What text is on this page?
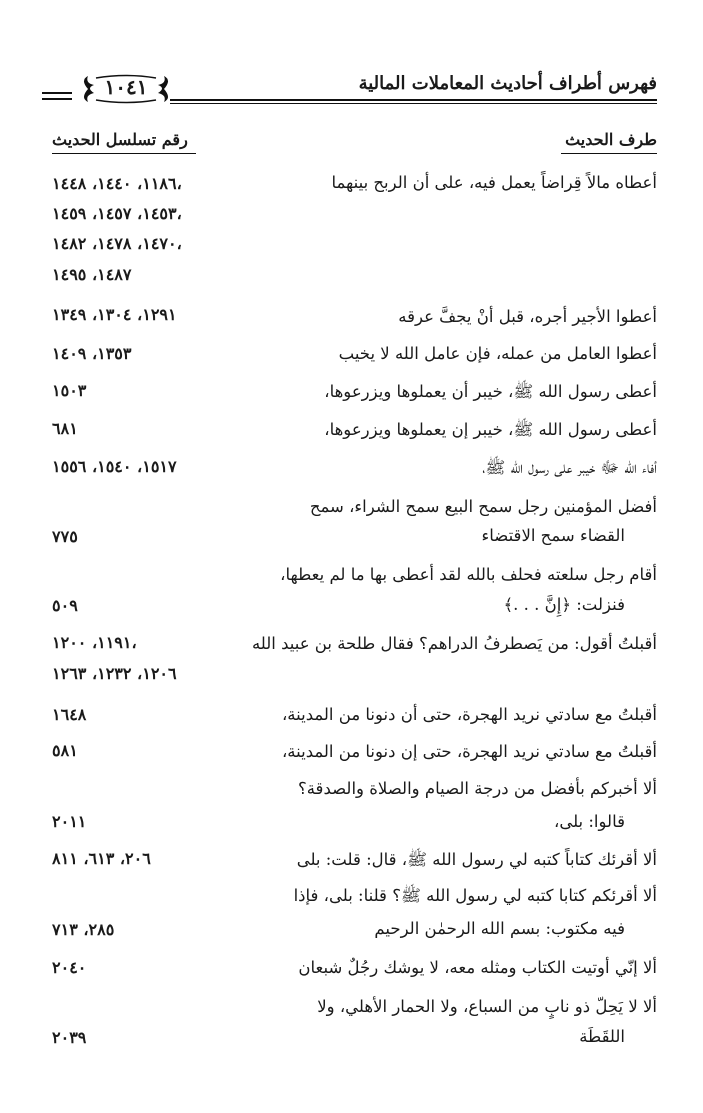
فهرس أطراف أحاديث المعاملات المالية
١٠٤١
طرف الحديث
رقم تسلسل الحديث
أعطاه مالاً قِراضاً يعمل فيه، على أن الربح بينهما
١١٨٦، ١٤٤٠، ١٤٤٨،
١٤٥٣، ١٤٥٧، ١٤٥٩،
١٤٧٠، ١٤٧٨، ١٤٨٢،
١٤٨٧، ١٤٩٥
أعطوا الأجير أجره، قبل أنْ يجفَّ عرقه
١٢٩١، ١٣٠٤، ١٣٤٩
أعطوا العامل من عمله، فإن عامل الله لا يخيب
١٣٥٣، ١٤٠٩
أعطى رسول الله ﷺ، خيبر أن يعملوها ويزرعوها،
١٥٠٣
أعطى رسول الله ﷺ، خيبر إن يعملوها ويزرعوها،
٦٨١
أفاء الله ﷻ خيبر على رسول الله ﷺ،
١٥١٧، ١٥٤٠، ١٥٥٦
أفضل المؤمنين رجل سمح البيع سمح الشراء، سمح
القضاء سمح الاقتضاء
٧٧٥
أقام رجل سلعته فحلف بالله لقد أعطى بها ما لم يعطها،
فنزلت: ﴿إِنَّ . . .﴾
٥٠٩
أقبلتُ أقول: من يَصطرفُ الدراهم؟ فقال طلحة بن عبيد الله
١١٩١، ١٢٠٠،
١٢٠٦، ١٢٣٢، ١٢٦٣
أقبلتُ مع سادتي نريد الهجرة، حتى أن دنونا من المدينة،
١٦٤٨
أقبلتُ مع سادتي نريد الهجرة، حتى إن دنونا من المدينة،
٥٨١
ألا أخبركم بأفضل من درجة الصيام والصلاة والصدقة؟
قالوا: بلى،
٢٠١١
ألا أقرئك كتاباً كتبه لي رسول الله ﷺ، قال: قلت: بلى
٢٠٦، ٦١٣، ٨١١
ألا أقرئكم كتابا كتبه لي رسول الله ﷺ؟ قلنا: بلى، فإذا
فيه مكتوب: بسم الله الرحمٰن الرحيم
٢٨٥، ٧١٣
ألا إنّي أوتيت الكتاب ومثله معه، لا يوشك رجُلٌ شبعان
٢٠٤٠
ألا لا يَحِلّ ذو نابٍ من السباع، ولا الحمار الأهلي، ولا
اللقَطَة
٢٠٣٩
